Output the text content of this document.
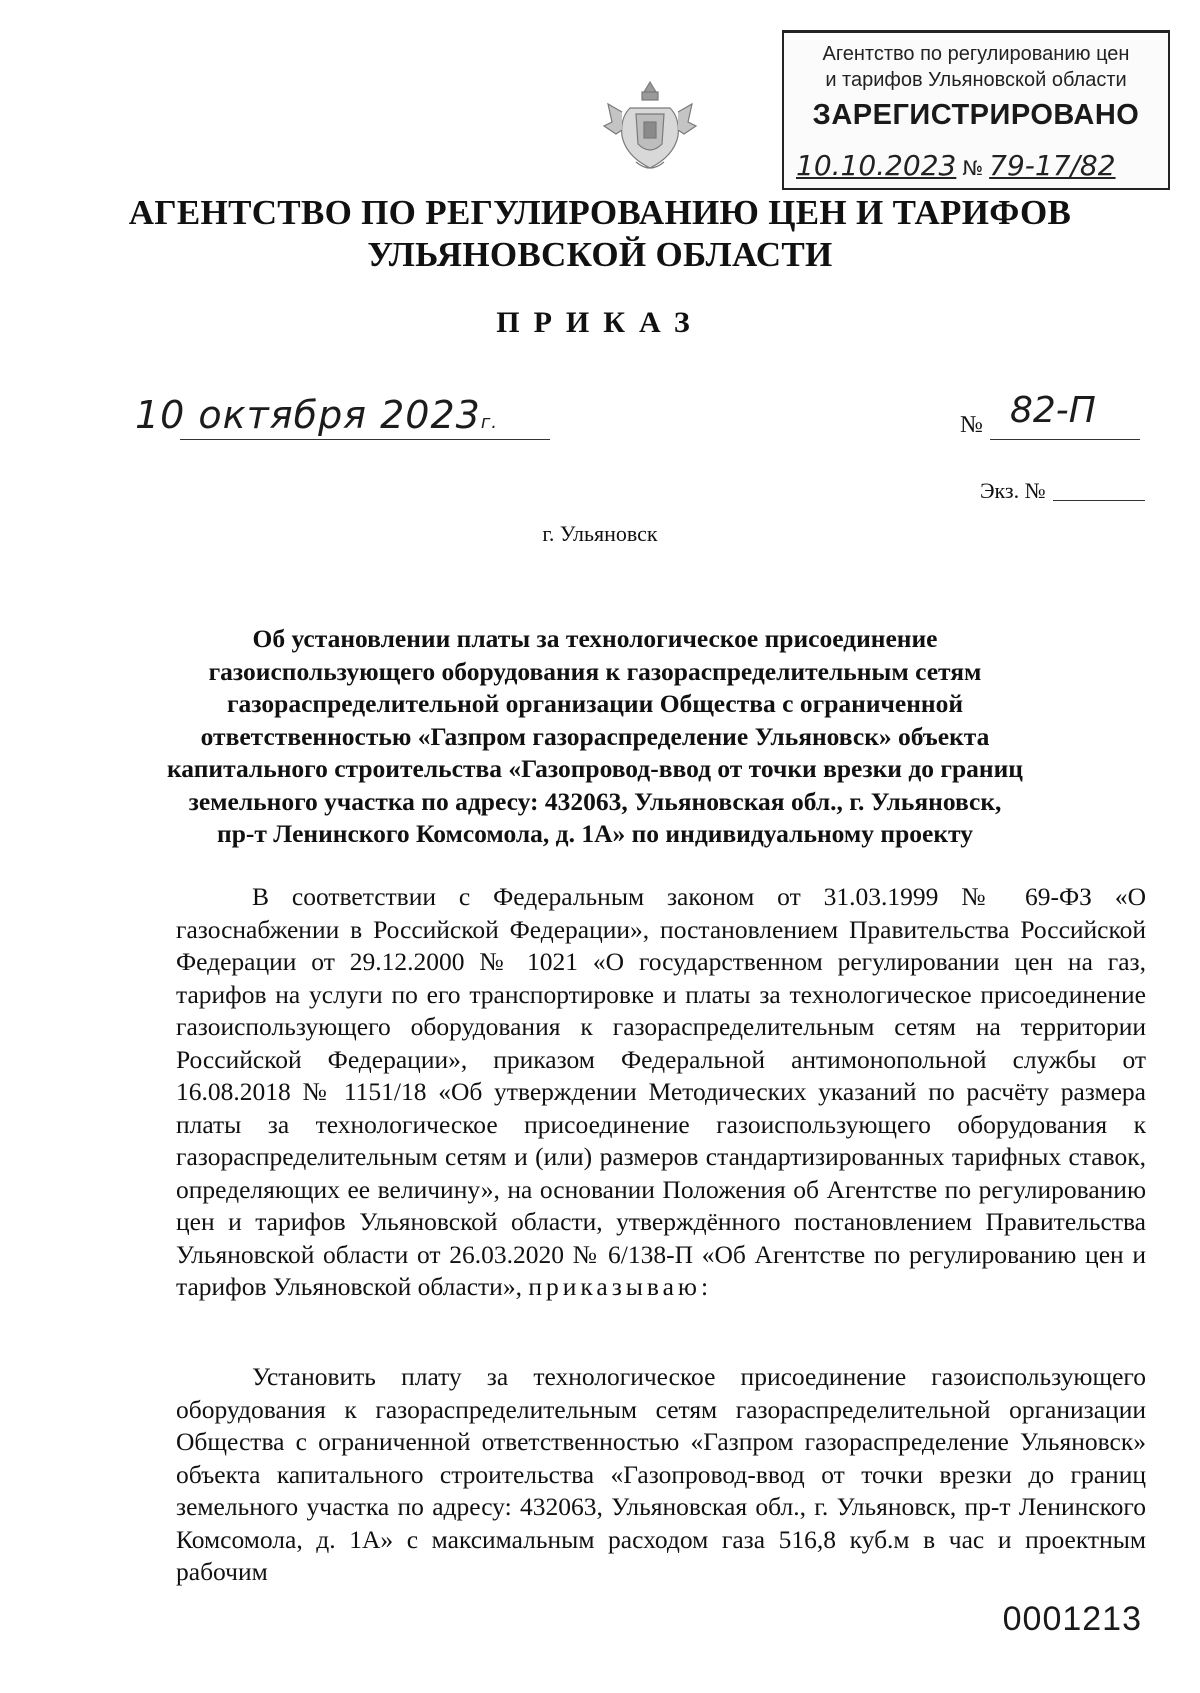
Агентство по регулированию цен
и тарифов Ульяновской области
ЗАРЕГИСТРИРОВАНО
10.10.2023 № 79-17/82
АГЕНТСТВО ПО РЕГУЛИРОВАНИЮ ЦЕН И ТАРИФОВ
УЛЬЯНОВСКОЙ ОБЛАСТИ
ПРИКАЗ
10 октября 2023г.	№ 82-П
Экз. №
г. Ульяновск
Об установлении платы за технологическое присоединение
газоиспользующего оборудования к газораспределительным сетям
газораспределительной организации Общества с ограниченной
ответственностью «Газпром газораспределение Ульяновск» объекта
капитального строительства «Газопровод-ввод от точки врезки до границ
земельного участка по адресу: 432063, Ульяновская обл., г. Ульяновск,
пр-т Ленинского Комсомола, д. 1А» по индивидуальному проекту
В соответствии с Федеральным законом от 31.03.1999 № 69-ФЗ «О газоснабжении в Российской Федерации», постановлением Правительства Российской Федерации от 29.12.2000 № 1021 «О государственном регулировании цен на газ, тарифов на услуги по его транспортировке и платы за технологическое присоединение газоиспользующего оборудования к газораспределительным сетям на территории Российской Федерации», приказом Федеральной антимонопольной службы от 16.08.2018 № 1151/18 «Об утверждении Методических указаний по расчёту размера платы за технологическое присоединение газоиспользующего оборудования к газораспределительным сетям и (или) размеров стандартизированных тарифных ставок, определяющих ее величину», на основании Положения об Агентстве по регулированию цен и тарифов Ульяновской области, утверждённого постановлением Правительства Ульяновской области от 26.03.2020 № 6/138-П «Об Агентстве по регулированию цен и тарифов Ульяновской области», приказываю:
Установить плату за технологическое присоединение газоиспользующего оборудования к газораспределительным сетям газораспределительной организации Общества с ограниченной ответственностью «Газпром газораспределение Ульяновск» объекта капитального строительства «Газопровод-ввод от точки врезки до границ земельного участка по адресу: 432063, Ульяновская обл., г. Ульяновск, пр-т Ленинского Комсомола, д. 1А» с максимальным расходом газа 516,8 куб.м в час и проектным рабочим
0001213
